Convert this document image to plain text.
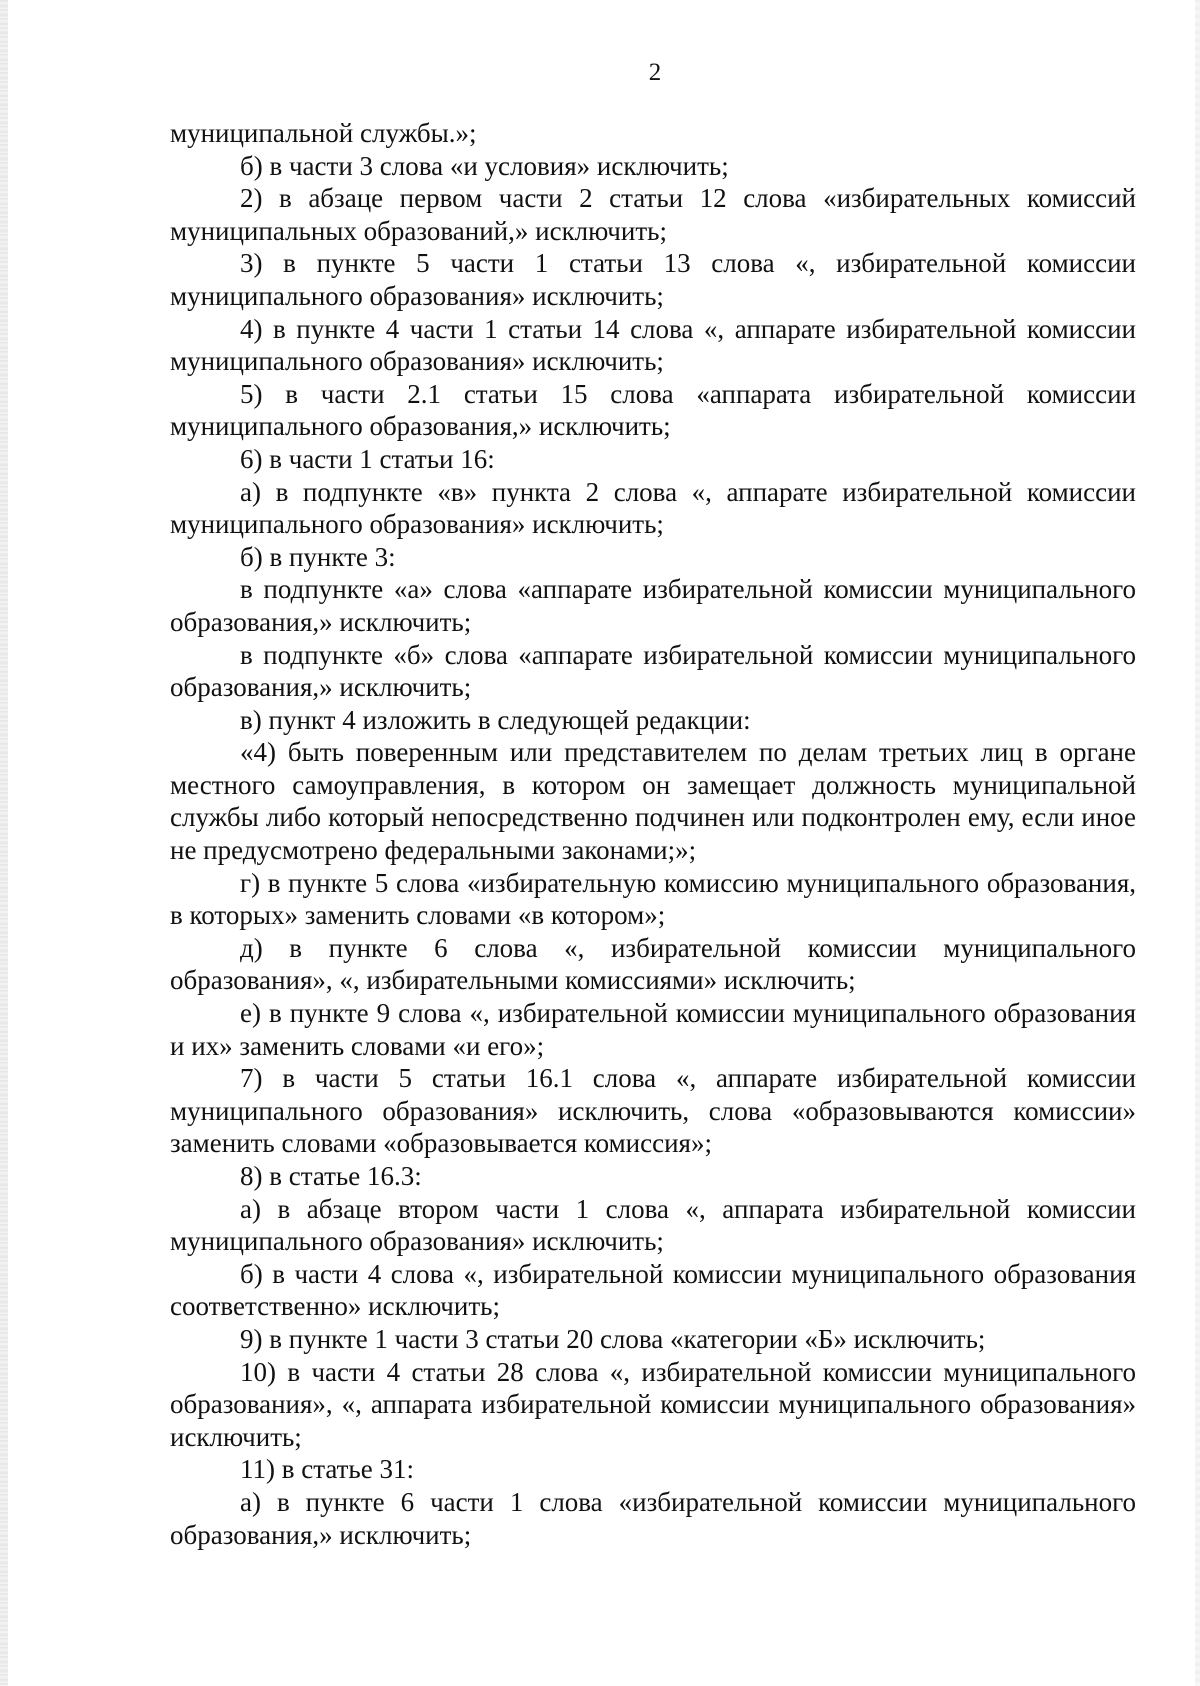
2

муниципальной службы.»;

б) в части 3 слова «и условия» исключить;

2) в абзаце первом части 2 статьи 12 слова «избирательных комиссий муниципальных образований,» исключить;

3) в пункте 5 части 1 статьи 13 слова «, избирательной комиссии муниципального образования» исключить;

4) в пункте 4 части 1 статьи 14 слова «, аппарате избирательной комиссии муниципального образования» исключить;

5) в части 2.1 статьи 15 слова «аппарата избирательной комиссии муниципального образования,» исключить;

6) в части 1 статьи 16:

а) в подпункте «в» пункта 2 слова «, аппарате избирательной комиссии муниципального образования» исключить;

б) в пункте 3:

в подпункте «а» слова «аппарате избирательной комиссии муниципального образования,» исключить;

в подпункте «б» слова «аппарате избирательной комиссии муниципального образования,» исключить;

в) пункт 4 изложить в следующей редакции:

«4) быть поверенным или представителем по делам третьих лиц в органе местного самоуправления, в котором он замещает должность муниципальной службы либо который непосредственно подчинен или подконтролен ему, если иное не предусмотрено федеральными законами;»;

г) в пункте 5 слова «избирательную комиссию муниципального образования, в которых» заменить словами «в котором»;

д) в пункте 6 слова «, избирательной комиссии муниципального образования», «, избирательными комиссиями» исключить;

е) в пункте 9 слова «, избирательной комиссии муниципального образования и их» заменить словами «и его»;

7) в части 5 статьи 16.1 слова «, аппарате избирательной комиссии муниципального образования» исключить, слова «образовываются комиссии» заменить словами «образовывается комиссия»;

8) в статье 16.3:

а) в абзаце втором части 1 слова «, аппарата избирательной комиссии муниципального образования» исключить;

б) в части 4 слова «, избирательной комиссии муниципального образования соответственно» исключить;

9) в пункте 1 части 3 статьи 20 слова «категории «Б» исключить;

10) в части 4 статьи 28 слова «, избирательной комиссии муниципального образования», «, аппарата избирательной комиссии муниципального образования» исключить;

11) в статье 31:

а) в пункте 6 части 1 слова «избирательной комиссии муниципального образования,» исключить;
